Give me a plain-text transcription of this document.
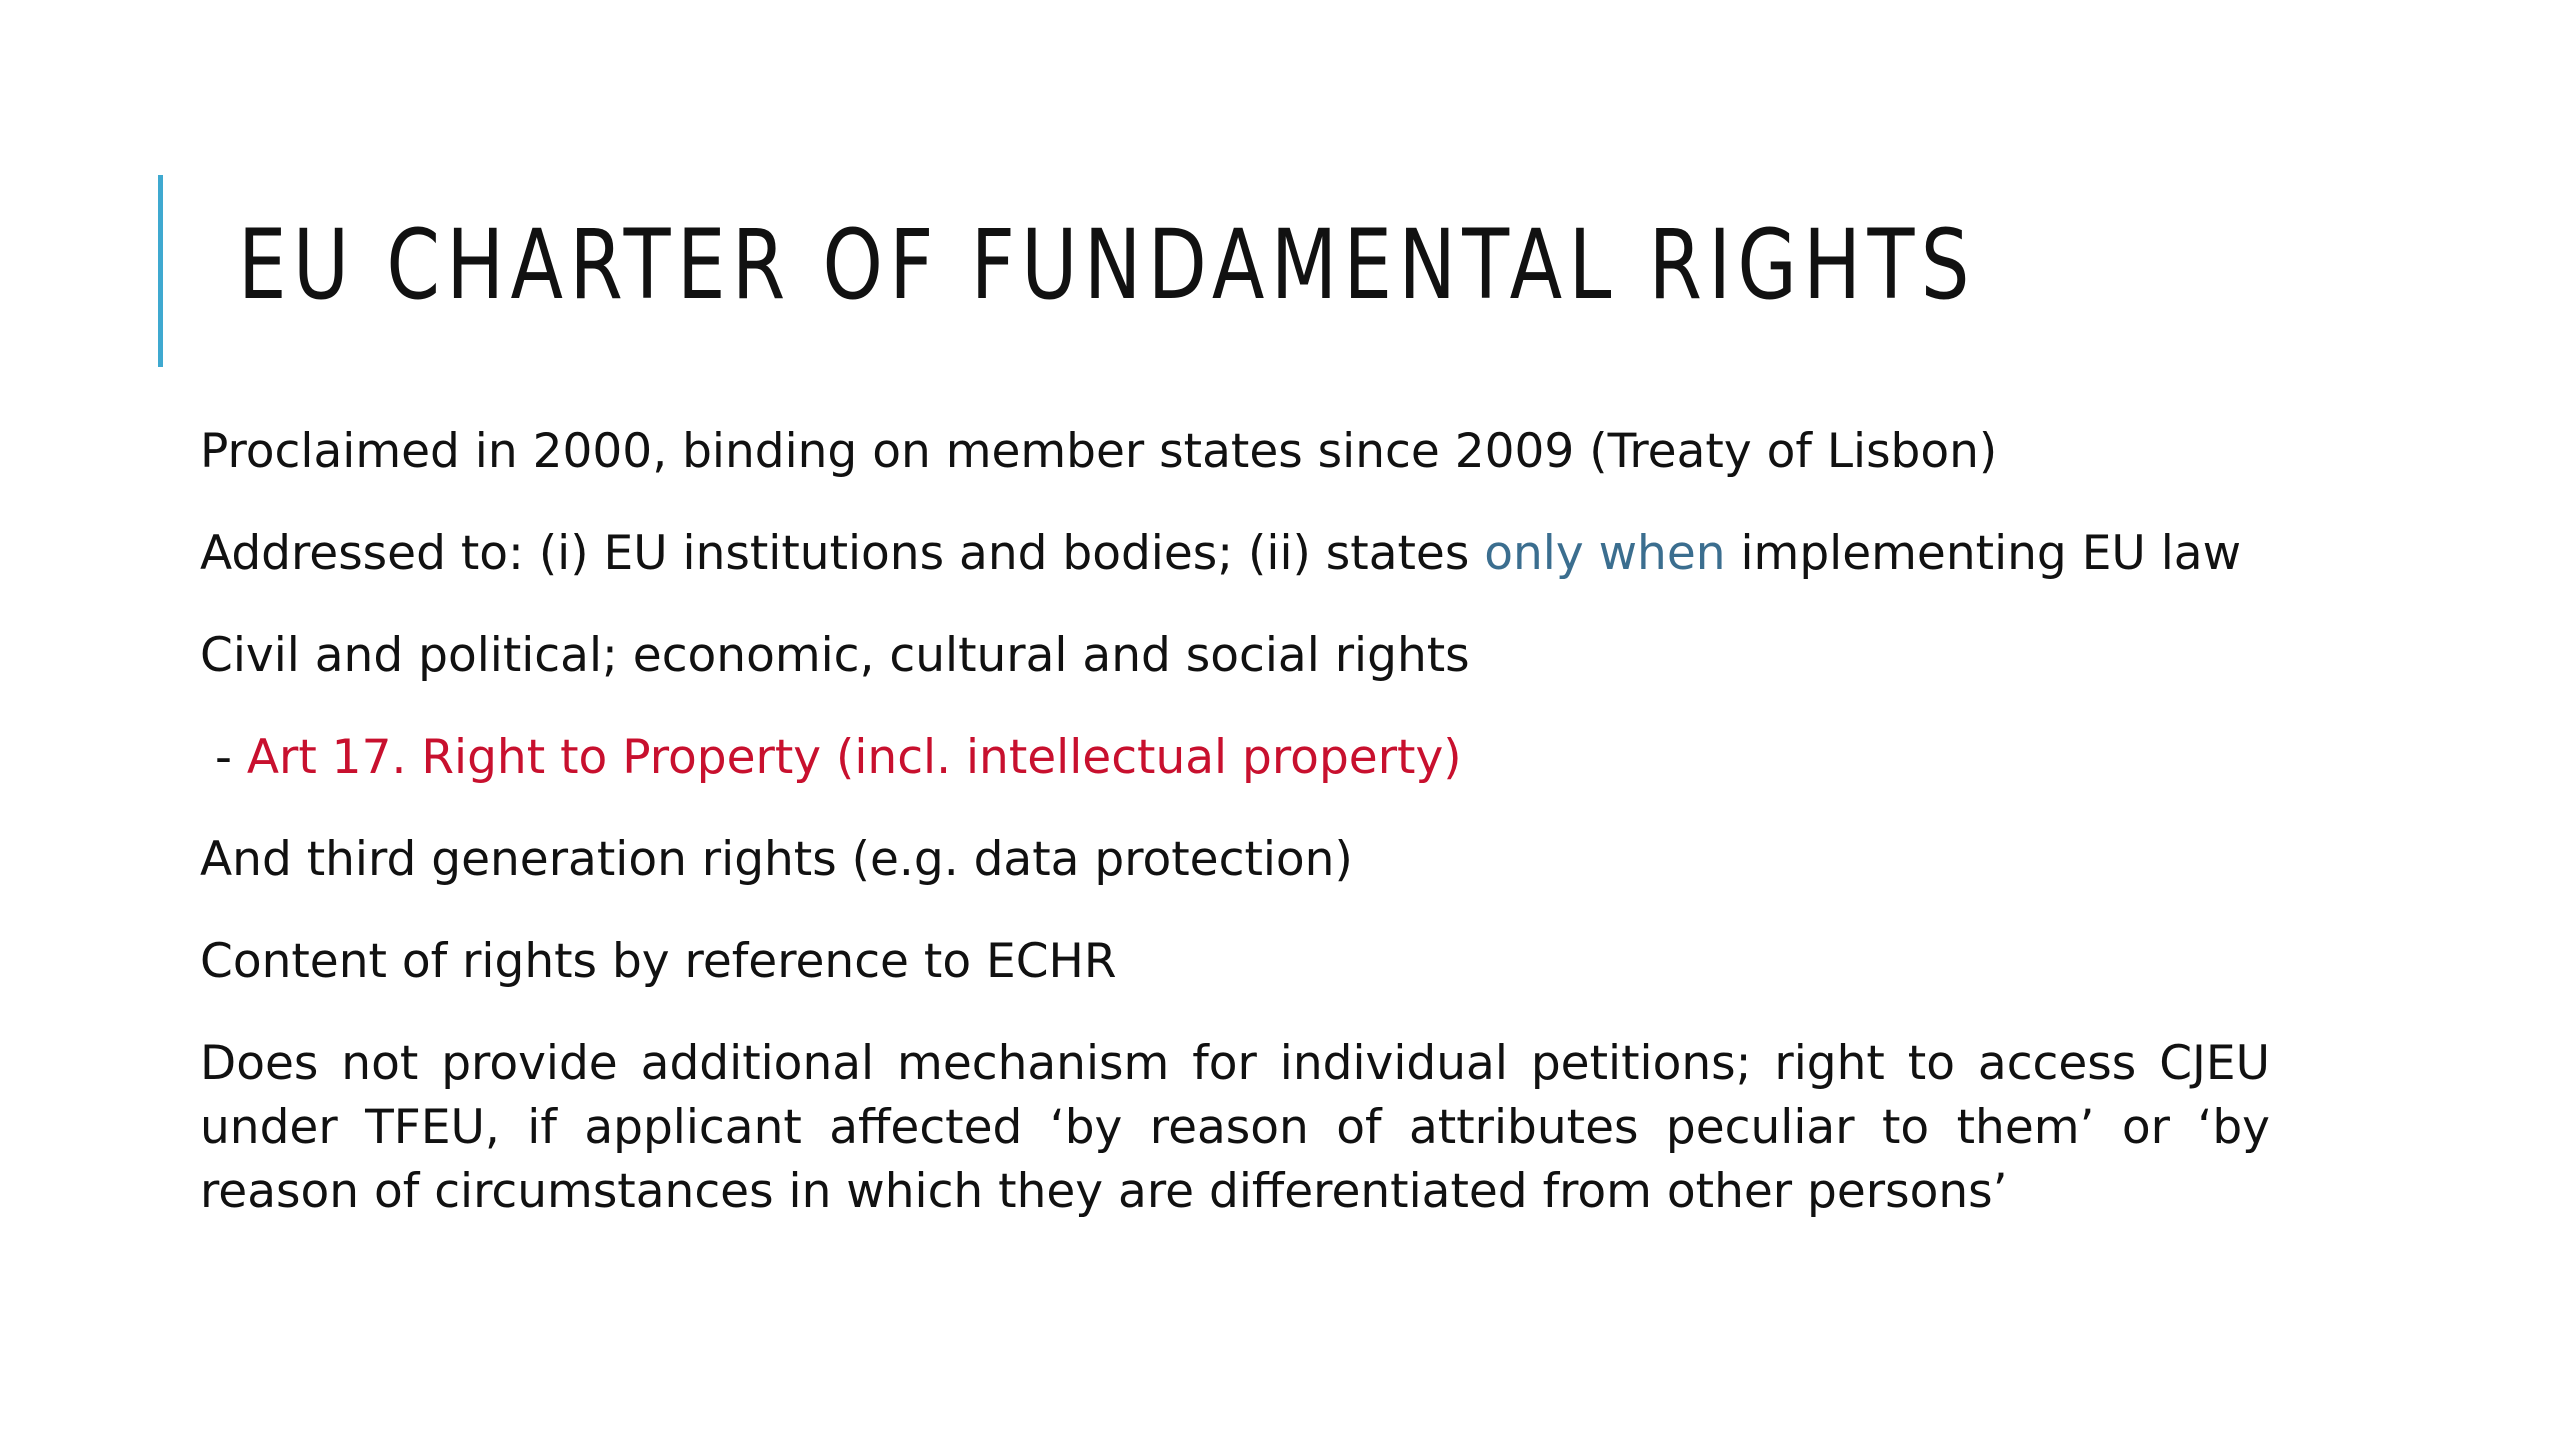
EU CHARTER OF FUNDAMENTAL RIGHTS

Proclaimed in 2000, binding on member states since 2009 (Treaty of Lisbon)

Addressed to: (i) EU institutions and bodies; (ii) states only when implementing EU law

Civil and political; economic, cultural and social rights

- Art 17. Right to Property (incl. intellectual property)

And third generation rights (e.g. data protection)

Content of rights by reference to ECHR

Does not provide additional mechanism for individual petitions; right to access CJEU under TFEU, if applicant affected ‘by reason of attributes peculiar to them’ or ‘by reason of circumstances in which they are differentiated from other persons’
